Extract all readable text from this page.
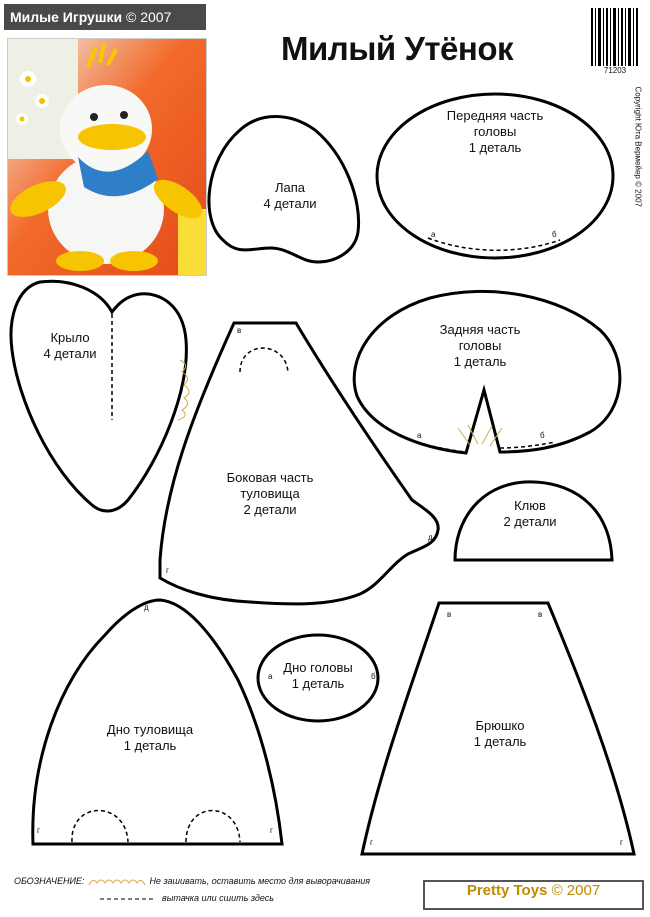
Милые Игрушки © 2007
Милый Утёнок
71203
Copyright Юта Вермейер © 2007
Лапа
4 детали
Передняя часть
головы
1 деталь
а	б
Крыло
4 детали
Задняя часть
головы
1 деталь
а	б
Боковая часть
туловища
2 детали
в
д
г
Клюв
2 детали
Дно туловища
1 деталь
д
г	г
Дно головы
1 деталь
а	б
Брюшко
1 деталь
в	в
г	г
ОБОЗНАЧЕНИЕ:	Не зашивать, оставить место для выворачивания
вытачка или сшить здесь	Pretty Toys © 2007
